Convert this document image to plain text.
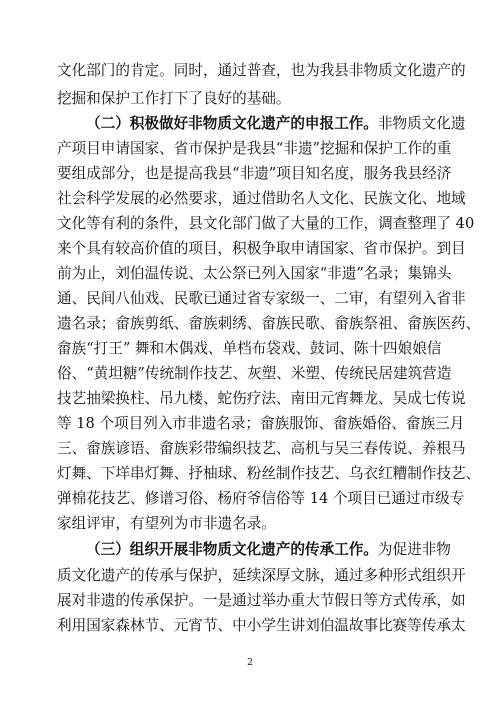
文化部门的肯定。同时，通过普查，也为我县非物质文化遗产的
挖掘和保护工作打下了良好的基础。
（二）积极做好非物质文化遗产的申报工作。非物质文化遗
产项目申请国家、省市保护是我县“非遗”挖掘和保护工作的重
要组成部分，也是提高我县“非遗”项目知名度，服务我县经济
社会科学发展的必然要求，通过借助名人文化、民族文化、地域
文化等有利的条件，县文化部门做了大量的工作，调查整理了 40
来个具有较高价值的项目，积极争取申请国家、省市保护。到目
前为止，刘伯温传说、太公祭已列入国家“非遗”名录；集锦头
通、民间八仙戏、民歌已通过省专家级一、二审，有望列入省非
遗名录；畲族剪纸、畲族刺绣、畲族民歌、畲族祭祖、畲族医药、
畲族“打王” 舞和木偶戏、单档布袋戏、鼓词、陈十四娘娘信
俗、“黄坦糖”传统制作技艺、灰塑、米塑、传统民居建筑营造
技艺抽梁换柱、吊九楼、蛇伤疗法、南田元宵舞龙、吴成七传说
等 18 个项目列入市非遗名录；畲族服饰、畲族婚俗、畲族三月
三、畲族谚语、畲族彩带编织技艺、高机与吴三春传说、养根马
灯舞、下垟串灯舞、抒柚球、粉丝制作技艺、乌衣红糟制作技艺、
弹棉花技艺、修谱习俗、杨府爷信俗等 14 个项目已通过市级专
家组评审，有望列为市非遗名录。
（三）组织开展非物质文化遗产的传承工作。为促进非物
质文化遗产的传承与保护，延续深厚文脉，通过多种形式组织开
展对非遗的传承保护。一是通过举办重大节假日等方式传承，如
利用国家森林节、元宵节、中小学生讲刘伯温故事比赛等传承太
2
